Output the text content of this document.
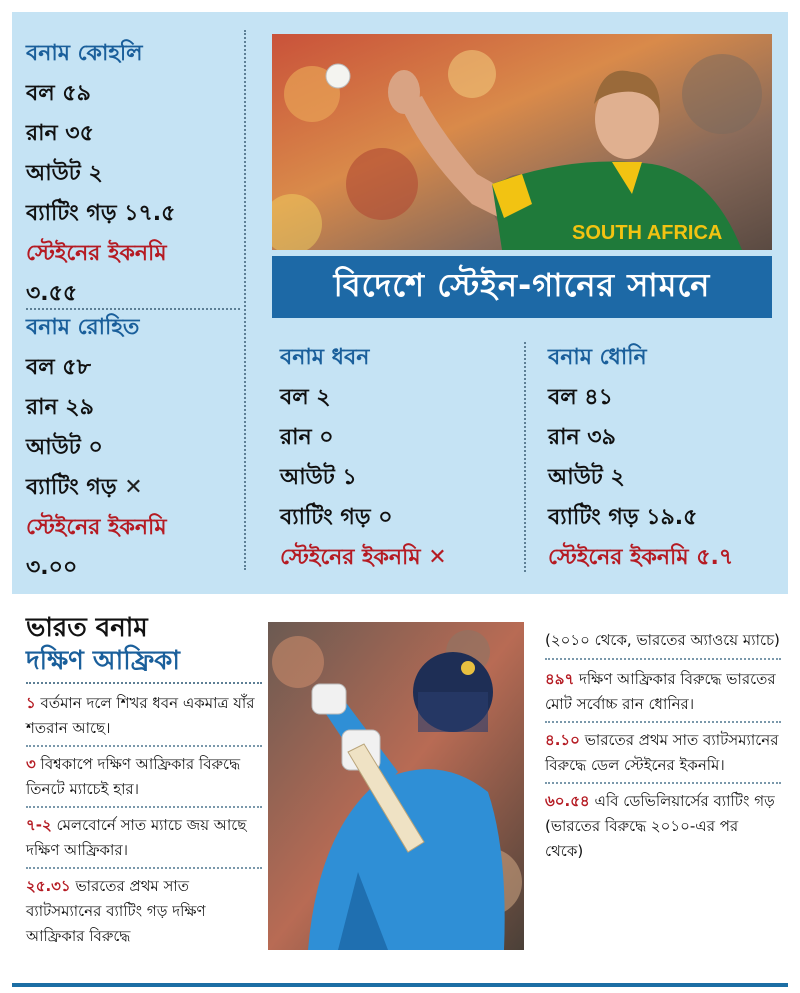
বনাম কোহলি
বল ৫৯
রান ৩৫
আউট ২
ব্যাটিং গড় ১৭.৫
স্টেইনের ইকনমি
৩.৫৫
বনাম রোহিত
বল ৫৮
রান ২৯
আউট ০
ব্যাটিং গড় ✕
স্টেইনের ইকনমি
৩.০০
SOUTH AFRICA
বিদেশে স্টেইন-গানের সামনে
বনাম ধবন
বল ২
রান ০
আউট ১
ব্যাটিং গড় ০
স্টেইনের ইকনমি ✕
বনাম ধোনি
বল ৪১
রান ৩৯
আউট ২
ব্যাটিং গড় ১৯.৫
স্টেইনের ইকনমি ৫.৭
ভারত বনাম
দক্ষিণ আফ্রিকা
১ বর্তমান দলে শিখর ধবন একমাত্র যাঁর শতরান আছে।
৩ বিশ্বকাপে দক্ষিণ আফ্রিকার বিরুদ্ধে তিনটে ম্যাচেই হার।
৭-২ মেলবোর্নে সাত ম্যাচে জয় আছে দক্ষিণ আফ্রিকার।
২৫.৩১ ভারতের প্রথম সাত ব্যাটসম্যানের ব্যাটিং গড় দক্ষিণ আফ্রিকার বিরুদ্ধে
(২০১০ থেকে, ভারতের অ্যাওয়ে ম্যাচে)
৪৯৭ দক্ষিণ আফ্রিকার বিরুদ্ধে ভারতের মোট সর্বোচ্চ রান ধোনির।
৪.১০ ভারতের প্রথম সাত ব্যাটসম্যানের বিরুদ্ধে ডেল স্টেইনের ইকনমি।
৬০.৫৪ এবি ডেভিলিয়ার্সের ব্যাটিং গড় (ভারতের বিরুদ্ধে ২০১০-এর পর থেকে)
